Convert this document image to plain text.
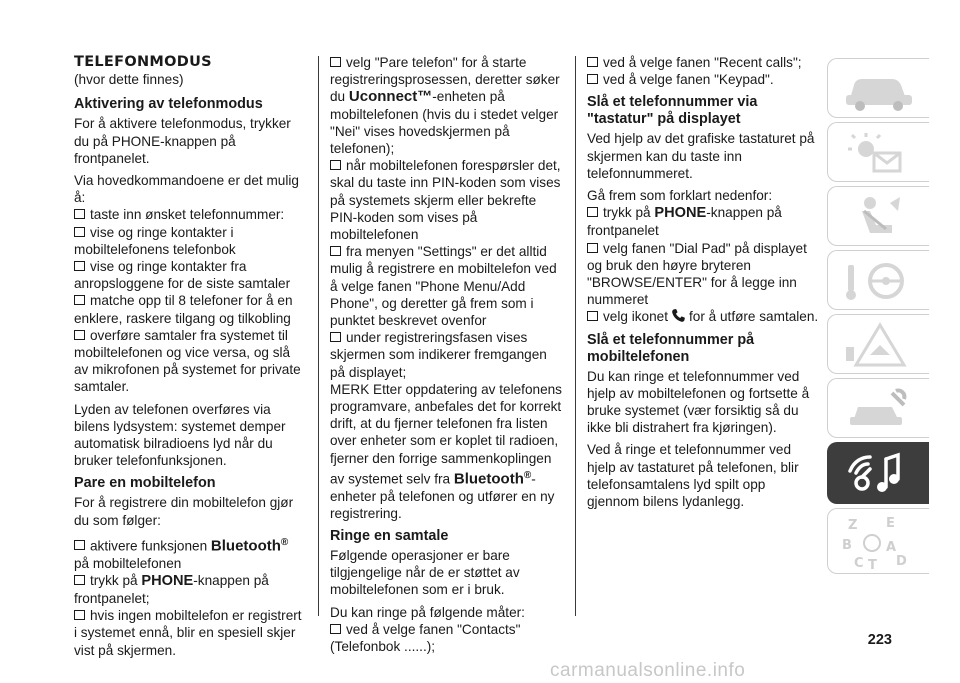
TELEFONMODUS
(hvor dette finnes)
Aktivering av telefonmodus

For å aktivere telefonmodus, trykker du på PHONE-knappen på frontpanelet.

Via hovedkommandoene er det mulig å:

taste inn ønsket telefonnummer:
vise og ringe kontakter i mobiltelefonens telefonbok
vise og ringe kontakter fra anropsloggene for de siste samtaler
matche opp til 8 telefoner for å en enklere, raskere tilgang og tilkobling
overføre samtaler fra systemet til mobiltelefonen og vice versa, og slå av mikrofonen på systemet for private samtaler.

Lyden av telefonen overføres via bilens lydsystem: systemet demper automatisk bilradioens lyd når du bruker telefonfunksjonen.

Pare en mobiltelefon

For å registrere din mobiltelefon gjør du som følger:

aktivere funksjonen Bluetooth® på mobiltelefonen
trykk på PHONE-knappen på frontpanelet;
hvis ingen mobiltelefon er registrert i systemet ennå, blir en spesiell skjer vist på skjermen.
velg "Pare telefon" for å starte registreringsprosessen, deretter søker du Uconnect™-enheten på mobiltelefonen (hvis du i stedet velger "Nei" vises hovedskjermen på telefonen);
når mobiltelefonen forespørsler det, skal du taste inn PIN-koden som vises på systemets skjerm eller bekrefte PIN-koden som vises på mobiltelefonen
fra menyen "Settings" er det alltid mulig å registrere en mobiltelefon ved å velge fanen "Phone Menu/Add Phone", og deretter gå frem som i punktet beskrevet ovenfor
under registreringsfasen vises skjermen som indikerer fremgangen på displayet;

MERK Etter oppdatering av telefonens programvare, anbefales det for korrekt drift, at du fjerner telefonen fra listen over enheter som er koplet til radioen, fjerner den forrige sammenkoplingen av systemet selv fra Bluetooth®-enheter på telefonen og utfører en ny registrering.

Ringe en samtale

Følgende operasjoner er bare tilgjengelige når de er støttet av mobiltelefonen som er i bruk.

Du kan ringe på følgende måter:

ved å velge fanen "Contacts" (Telefonbok ......);
ved å velge fanen "Recent calls";
ved å velge fanen "Keypad".
Slå et telefonnummer via "tastatur" på displayet

Ved hjelp av det grafiske tastaturet på skjermen kan du taste inn telefonnummeret.

Gå frem som forklart nedenfor:

trykk på PHONE-knappen på frontpanelet
velg fanen "Dial Pad" på displayet og bruk den høyre bryteren "BROWSE/ENTER" for å legge inn nummeret
velg ikonet for å utføre samtalen.
Slå et telefonnummer på mobiltelefonen

Du kan ringe et telefonnummer ved hjelp av mobiltelefonen og fortsette å bruke systemet (vær forsiktig så du ikke bli distrahert fra kjøringen).

Ved å ringe et telefonnummer ved hjelp av tastaturet på telefonen, blir telefonsamtalens lyd spilt opp gjennom bilens lydanlegg.

Z E
B	A
C T D
223
carmanualsonline.info
